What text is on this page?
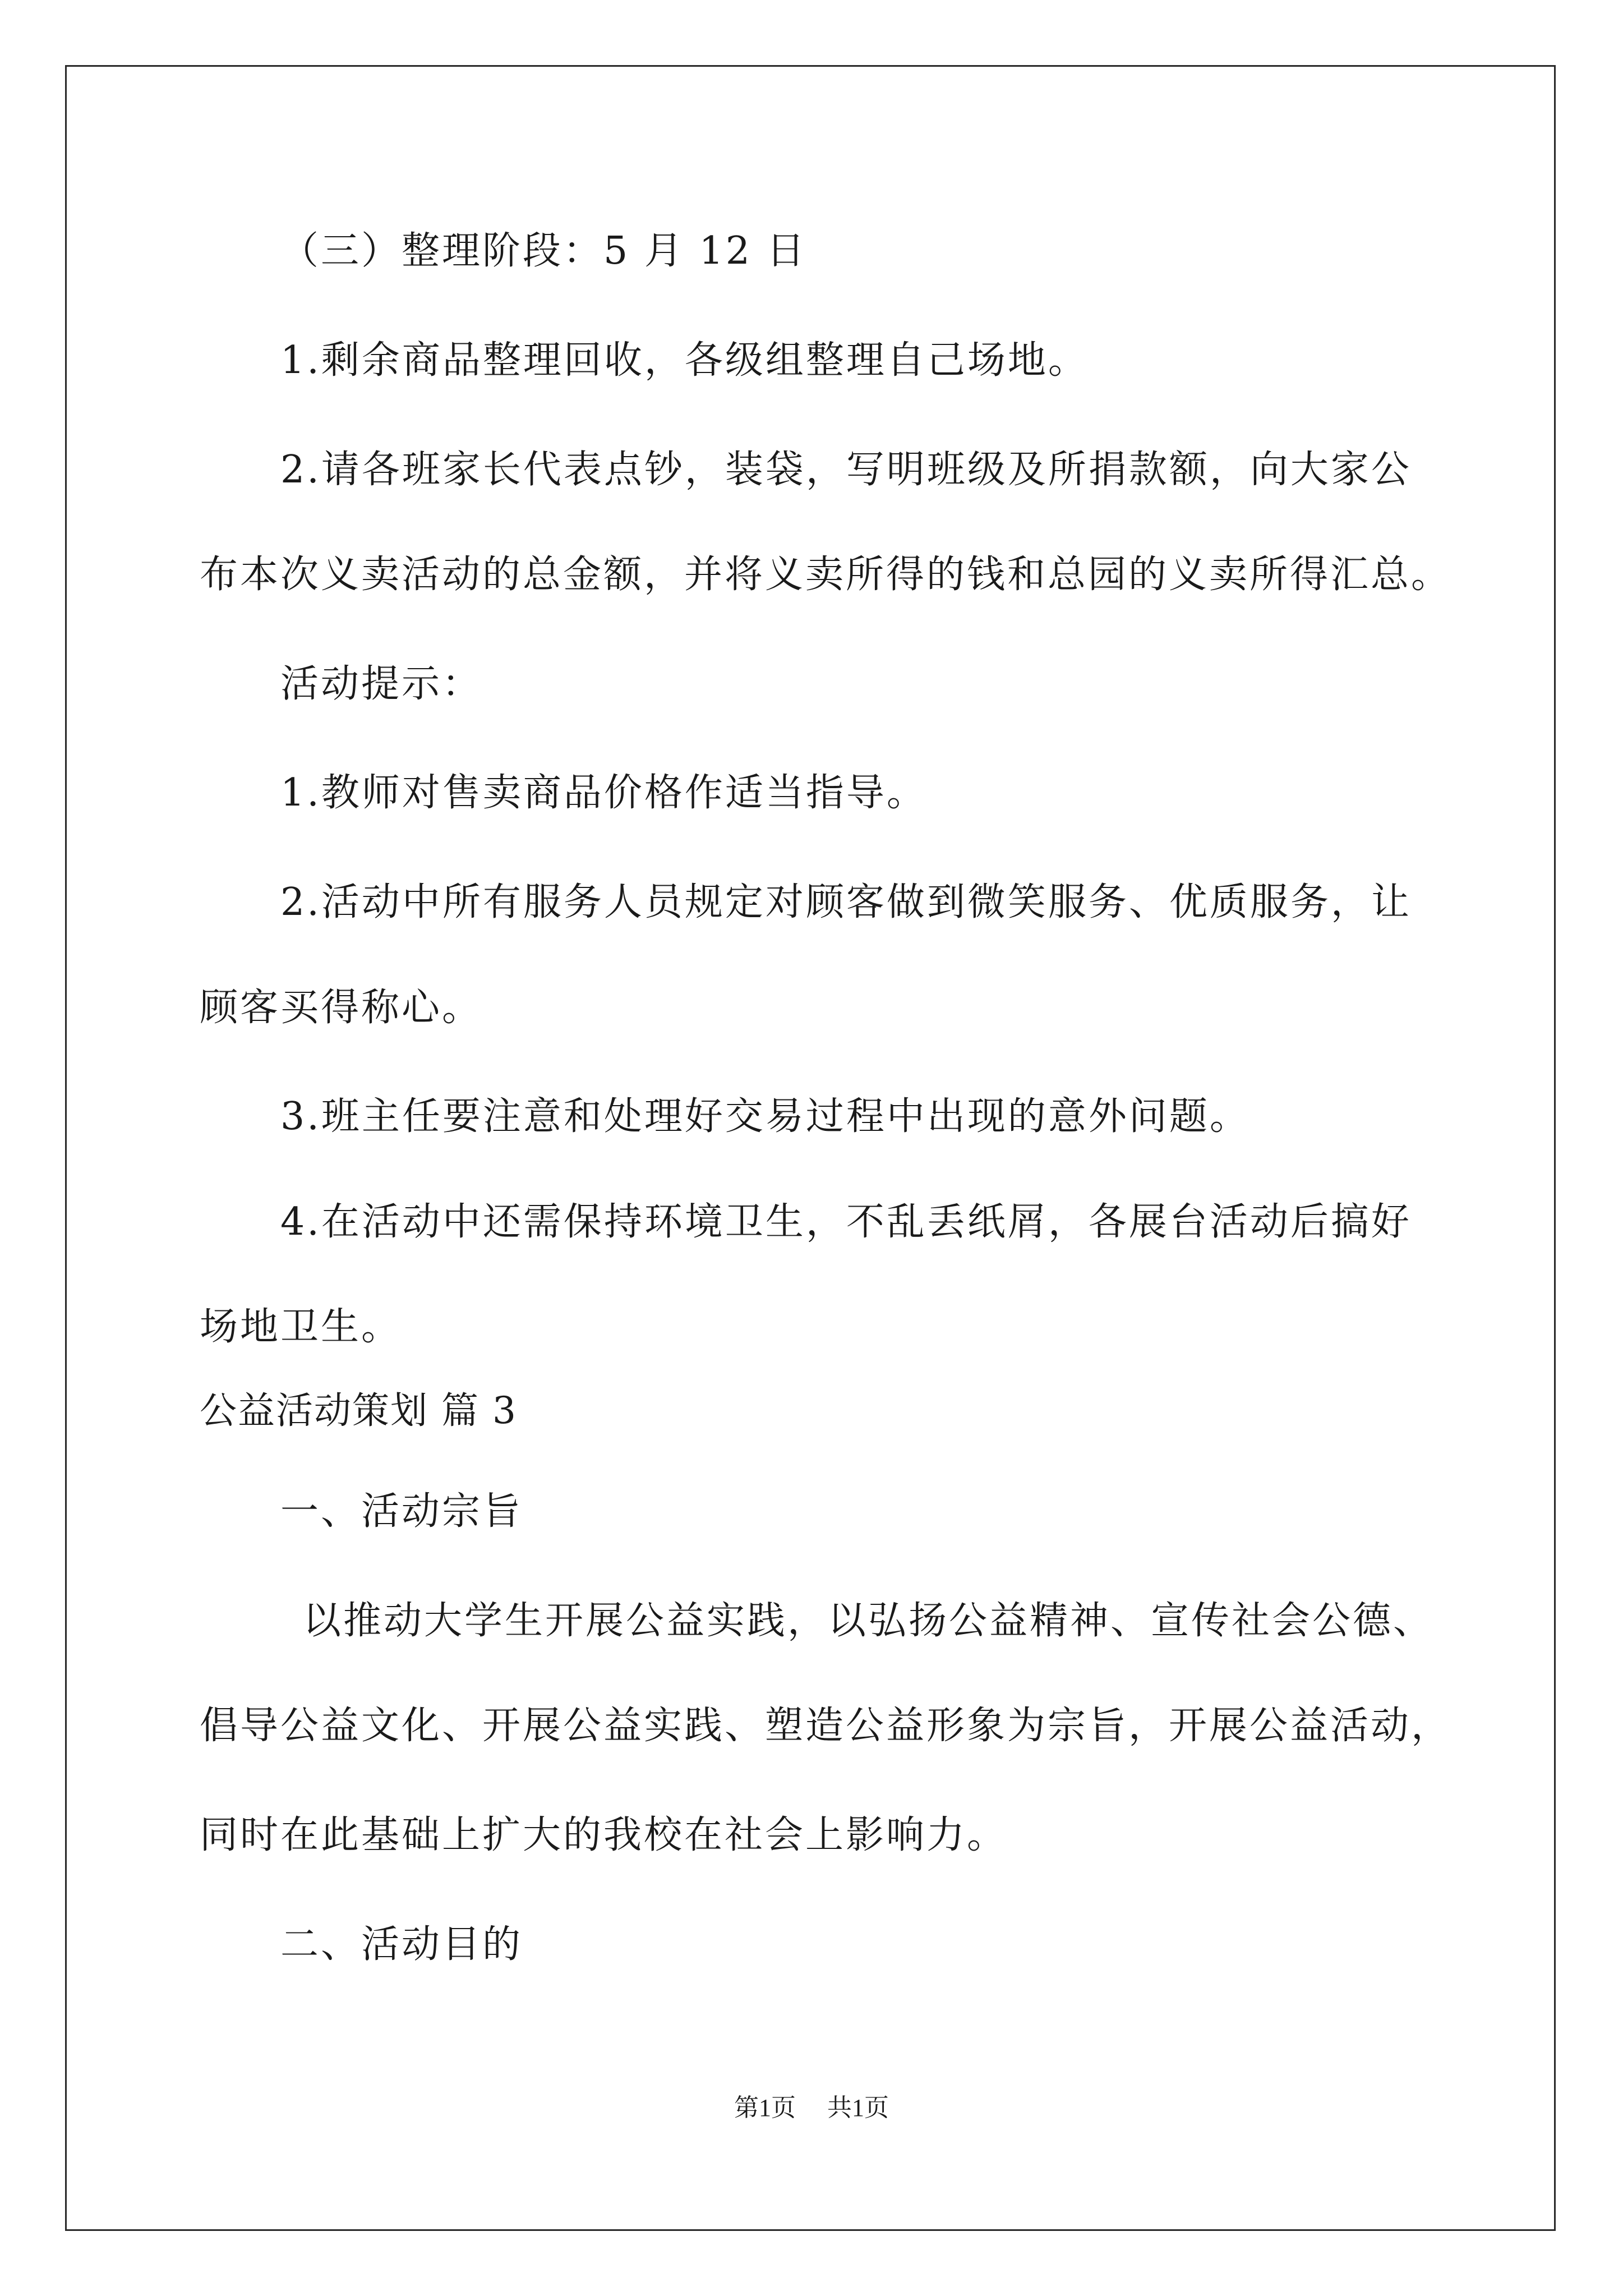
（三）整理阶段：5 月 12 日
1.剩余商品整理回收，各级组整理自己场地。
2.请各班家长代表点钞，装袋，写明班级及所捐款额，向大家公
布本次义卖活动的总金额，并将义卖所得的钱和总园的义卖所得汇总。
活动提示：
1.教师对售卖商品价格作适当指导。
2.活动中所有服务人员规定对顾客做到微笑服务、优质服务，让
顾客买得称心。
3.班主任要注意和处理好交易过程中出现的意外问题。
4.在活动中还需保持环境卫生，不乱丢纸屑，各展台活动后搞好
场地卫生。
公益活动策划 篇 3
一、活动宗旨
以推动大学生开展公益实践，以弘扬公益精神、宣传社会公德、
倡导公益文化、开展公益实践、塑造公益形象为宗旨，开展公益活动，
同时在此基础上扩大的我校在社会上影响力。
二、活动目的
第1页 共1页
